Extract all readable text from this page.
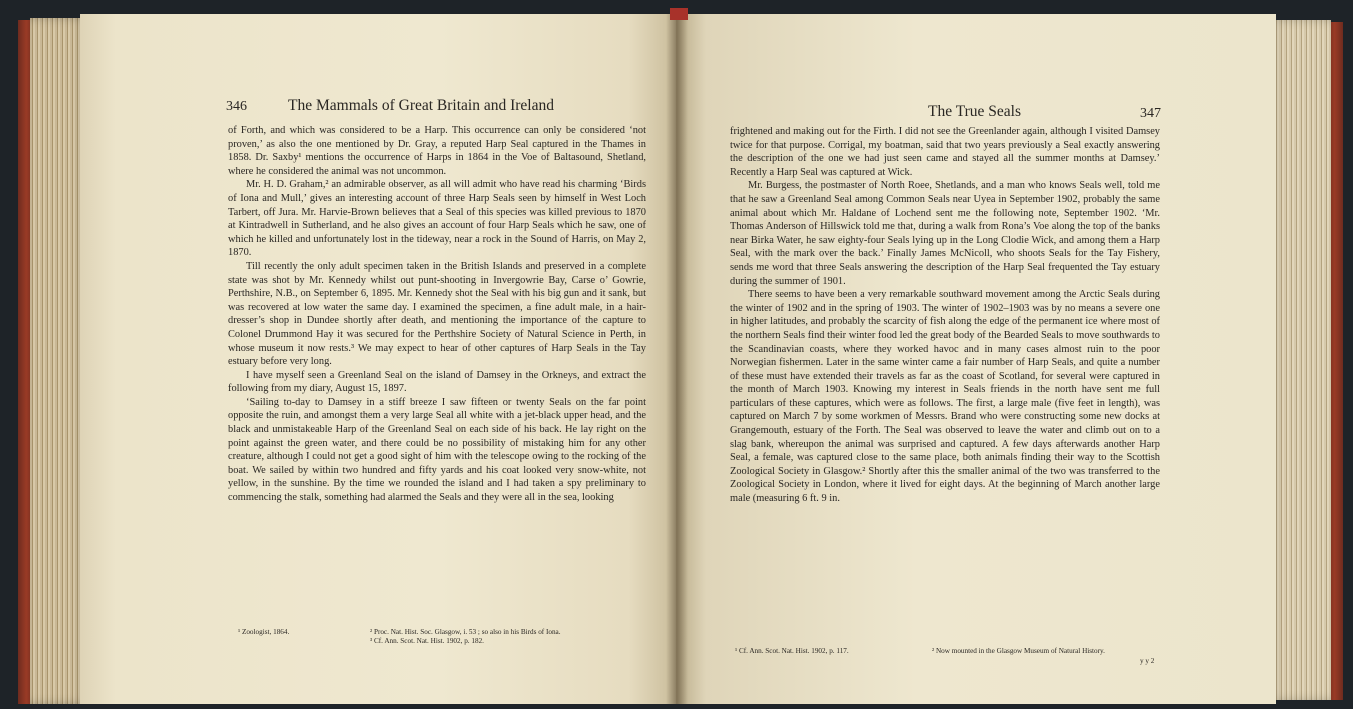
346	The Mammals of Great Britain and Ireland

of Forth, and which was considered to be a Harp. This occurrence can only be considered ‘not proven,’ as also the one mentioned by Dr. Gray, a reputed Harp Seal captured in the Thames in 1858. Dr. Saxby¹ mentions the occurrence of Harps in 1864 in the Voe of Baltasound, Shetland, where he considered the animal was not uncommon.

Mr. H. D. Graham,² an admirable observer, as all will admit who have read his charming ‘Birds of Iona and Mull,’ gives an interesting account of three Harp Seals seen by himself in West Loch Tarbert, off Jura. Mr. Harvie-Brown believes that a Seal of this species was killed previous to 1870 at Kintradwell in Sutherland, and he also gives an account of four Harp Seals which he saw, one of which he killed and unfortunately lost in the tideway, near a rock in the Sound of Harris, on May 2, 1870.

Till recently the only adult specimen taken in the British Islands and preserved in a complete state was shot by Mr. Kennedy whilst out punt-shooting in Invergowrie Bay, Carse o’ Gowrie, Perthshire, N.B., on September 6, 1895. Mr. Kennedy shot the Seal with his big gun and it sank, but was recovered at low water the same day. I examined the specimen, a fine adult male, in a hair-dresser’s shop in Dundee shortly after death, and mentioning the importance of the capture to Colonel Drummond Hay it was secured for the Perthshire Society of Natural Science in Perth, in whose museum it now rests.³ We may expect to hear of other captures of Harp Seals in the Tay estuary before very long.

I have myself seen a Greenland Seal on the island of Damsey in the Orkneys, and extract the following from my diary, August 15, 1897.

‘Sailing to-day to Damsey in a stiff breeze I saw fifteen or twenty Seals on the far point opposite the ruin, and amongst them a very large Seal all white with a jet-black upper head, and the black and unmistakeable Harp of the Greenland Seal on each side of his back. He lay right on the point against the green water, and there could be no possibility of mistaking him for any other creature, although I could not get a good sight of him with the telescope owing to the rocking of the boat. We sailed by within two hundred and fifty yards and his coat looked very snow-white, not yellow, in the sunshine. By the time we rounded the island and I had taken a spy preliminary to commencing the stalk, something had alarmed the Seals and they were all in the sea, looking

¹ Zoologist, 1864.	² Proc. Nat. Hist. Soc. Glasgow, i. 53 ; so also in his Birds of Iona.
³ Cf. Ann. Scot. Nat. Hist. 1902, p. 182.
The True Seals	347

frightened and making out for the Firth. I did not see the Greenlander again, although I visited Damsey twice for that purpose. Corrigal, my boatman, said that two years previously a Seal exactly answering the description of the one we had just seen came and stayed all the summer months at Damsey.’ Recently a Harp Seal was captured at Wick.

Mr. Burgess, the postmaster of North Roee, Shetlands, and a man who knows Seals well, told me that he saw a Greenland Seal among Common Seals near Uyea in September 1902, probably the same animal about which Mr. Haldane of Lochend sent me the following note, September 1902. ‘Mr. Thomas Anderson of Hillswick told me that, during a walk from Rona’s Voe along the top of the banks near Birka Water, he saw eighty-four Seals lying up in the Long Clodie Wick, and among them a Harp Seal, with the mark over the back.’ Finally James McNicoll, who shoots Seals for the Tay Fishery, sends me word that three Seals answering the description of the Harp Seal frequented the Tay estuary during the summer of 1901.

There seems to have been a very remarkable southward movement among the Arctic Seals during the winter of 1902 and in the spring of 1903. The winter of 1902–1903 was by no means a severe one in higher latitudes, and probably the scarcity of fish along the edge of the permanent ice where most of the northern Seals find their winter food led the great body of the Bearded Seals to move southwards to the Scandinavian coasts, where they worked havoc and in many cases almost ruin to the poor Norwegian fishermen. Later in the same winter came a fair number of Harp Seals, and quite a number of these must have extended their travels as far as the coast of Scotland, for several were captured in the month of March 1903. Knowing my interest in Seals friends in the north have sent me full particulars of these captures, which were as follows. The first, a large male (five feet in length), was captured on March 7 by some workmen of Messrs. Brand who were constructing some new docks at Grangemouth, estuary of the Forth. The Seal was observed to leave the water and climb out on to a slag bank, whereupon the animal was surprised and captured. A few days afterwards another Harp Seal, a female, was captured close to the same place, both animals finding their way to the Scottish Zoological Society in Glasgow.² Shortly after this the smaller animal of the two was transferred to the Zoological Society in London, where it lived for eight days. At the beginning of March another large male (measuring 6 ft. 9 in.

¹ Cf. Ann. Scot. Nat. Hist. 1902, p. 117.	² Now mounted in the Glasgow Museum of Natural History.
y y 2
